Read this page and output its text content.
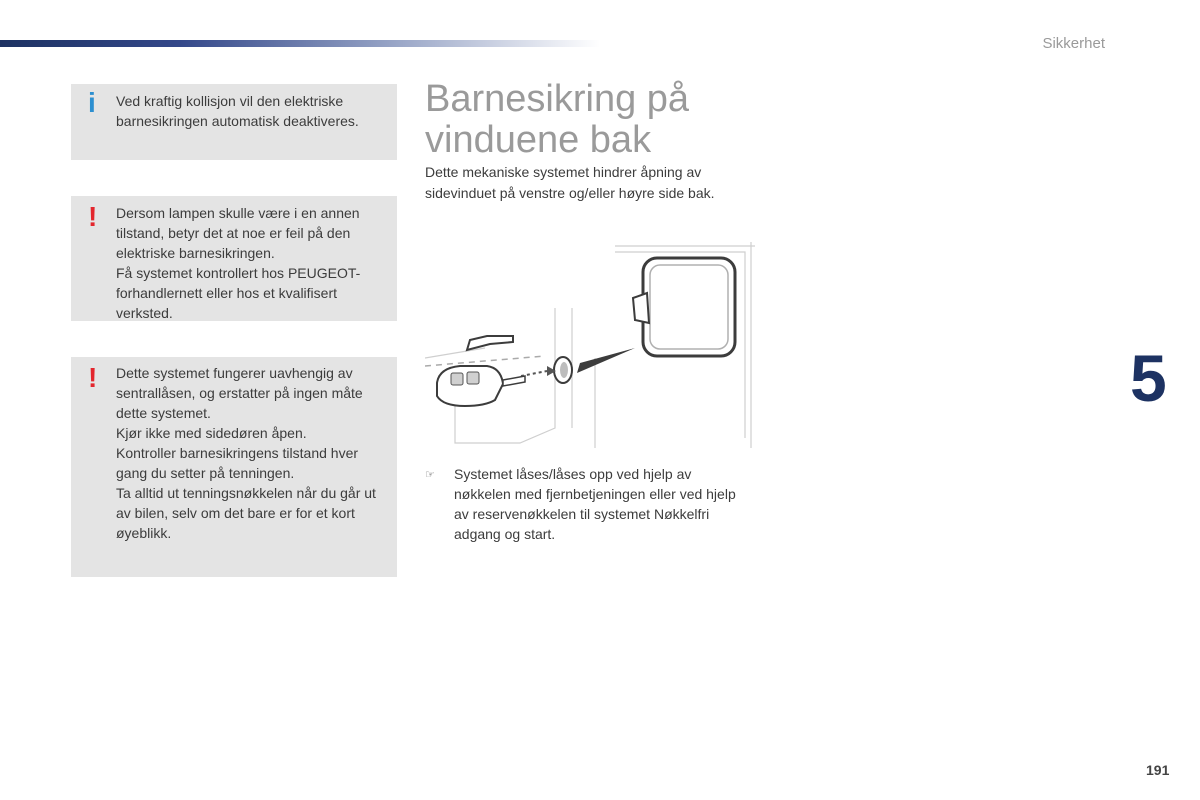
Sikkerhet
i Ved kraftig kollisjon vil den elektriske barnesikringen automatisk deaktiveres.
! Dersom lampen skulle være i en annen tilstand, betyr det at noe er feil på den elektriske barnesikringen.
Få systemet kontrollert hos PEUGEOT-forhandlernett eller hos et kvalifisert verksted.
! Dette systemet fungerer uavhengig av sentrallåsen, og erstatter på ingen måte dette systemet.
Kjør ikke med sidedøren åpen.
Kontroller barnesikringens tilstand hver gang du setter på tenningen.
Ta alltid ut tenningsnøkkelen når du går ut av bilen, selv om det bare er for et kort øyeblikk.
Barnesikring på vinduene bak
Dette mekaniske systemet hindrer åpning av sidevinduet på venstre og/eller høyre side bak.
☞ Systemet låses/låses opp ved hjelp av nøkkelen med fjernbetjeningen eller ved hjelp av reservenøkkelen til systemet Nøkkelfri adgang og start.
5
191
